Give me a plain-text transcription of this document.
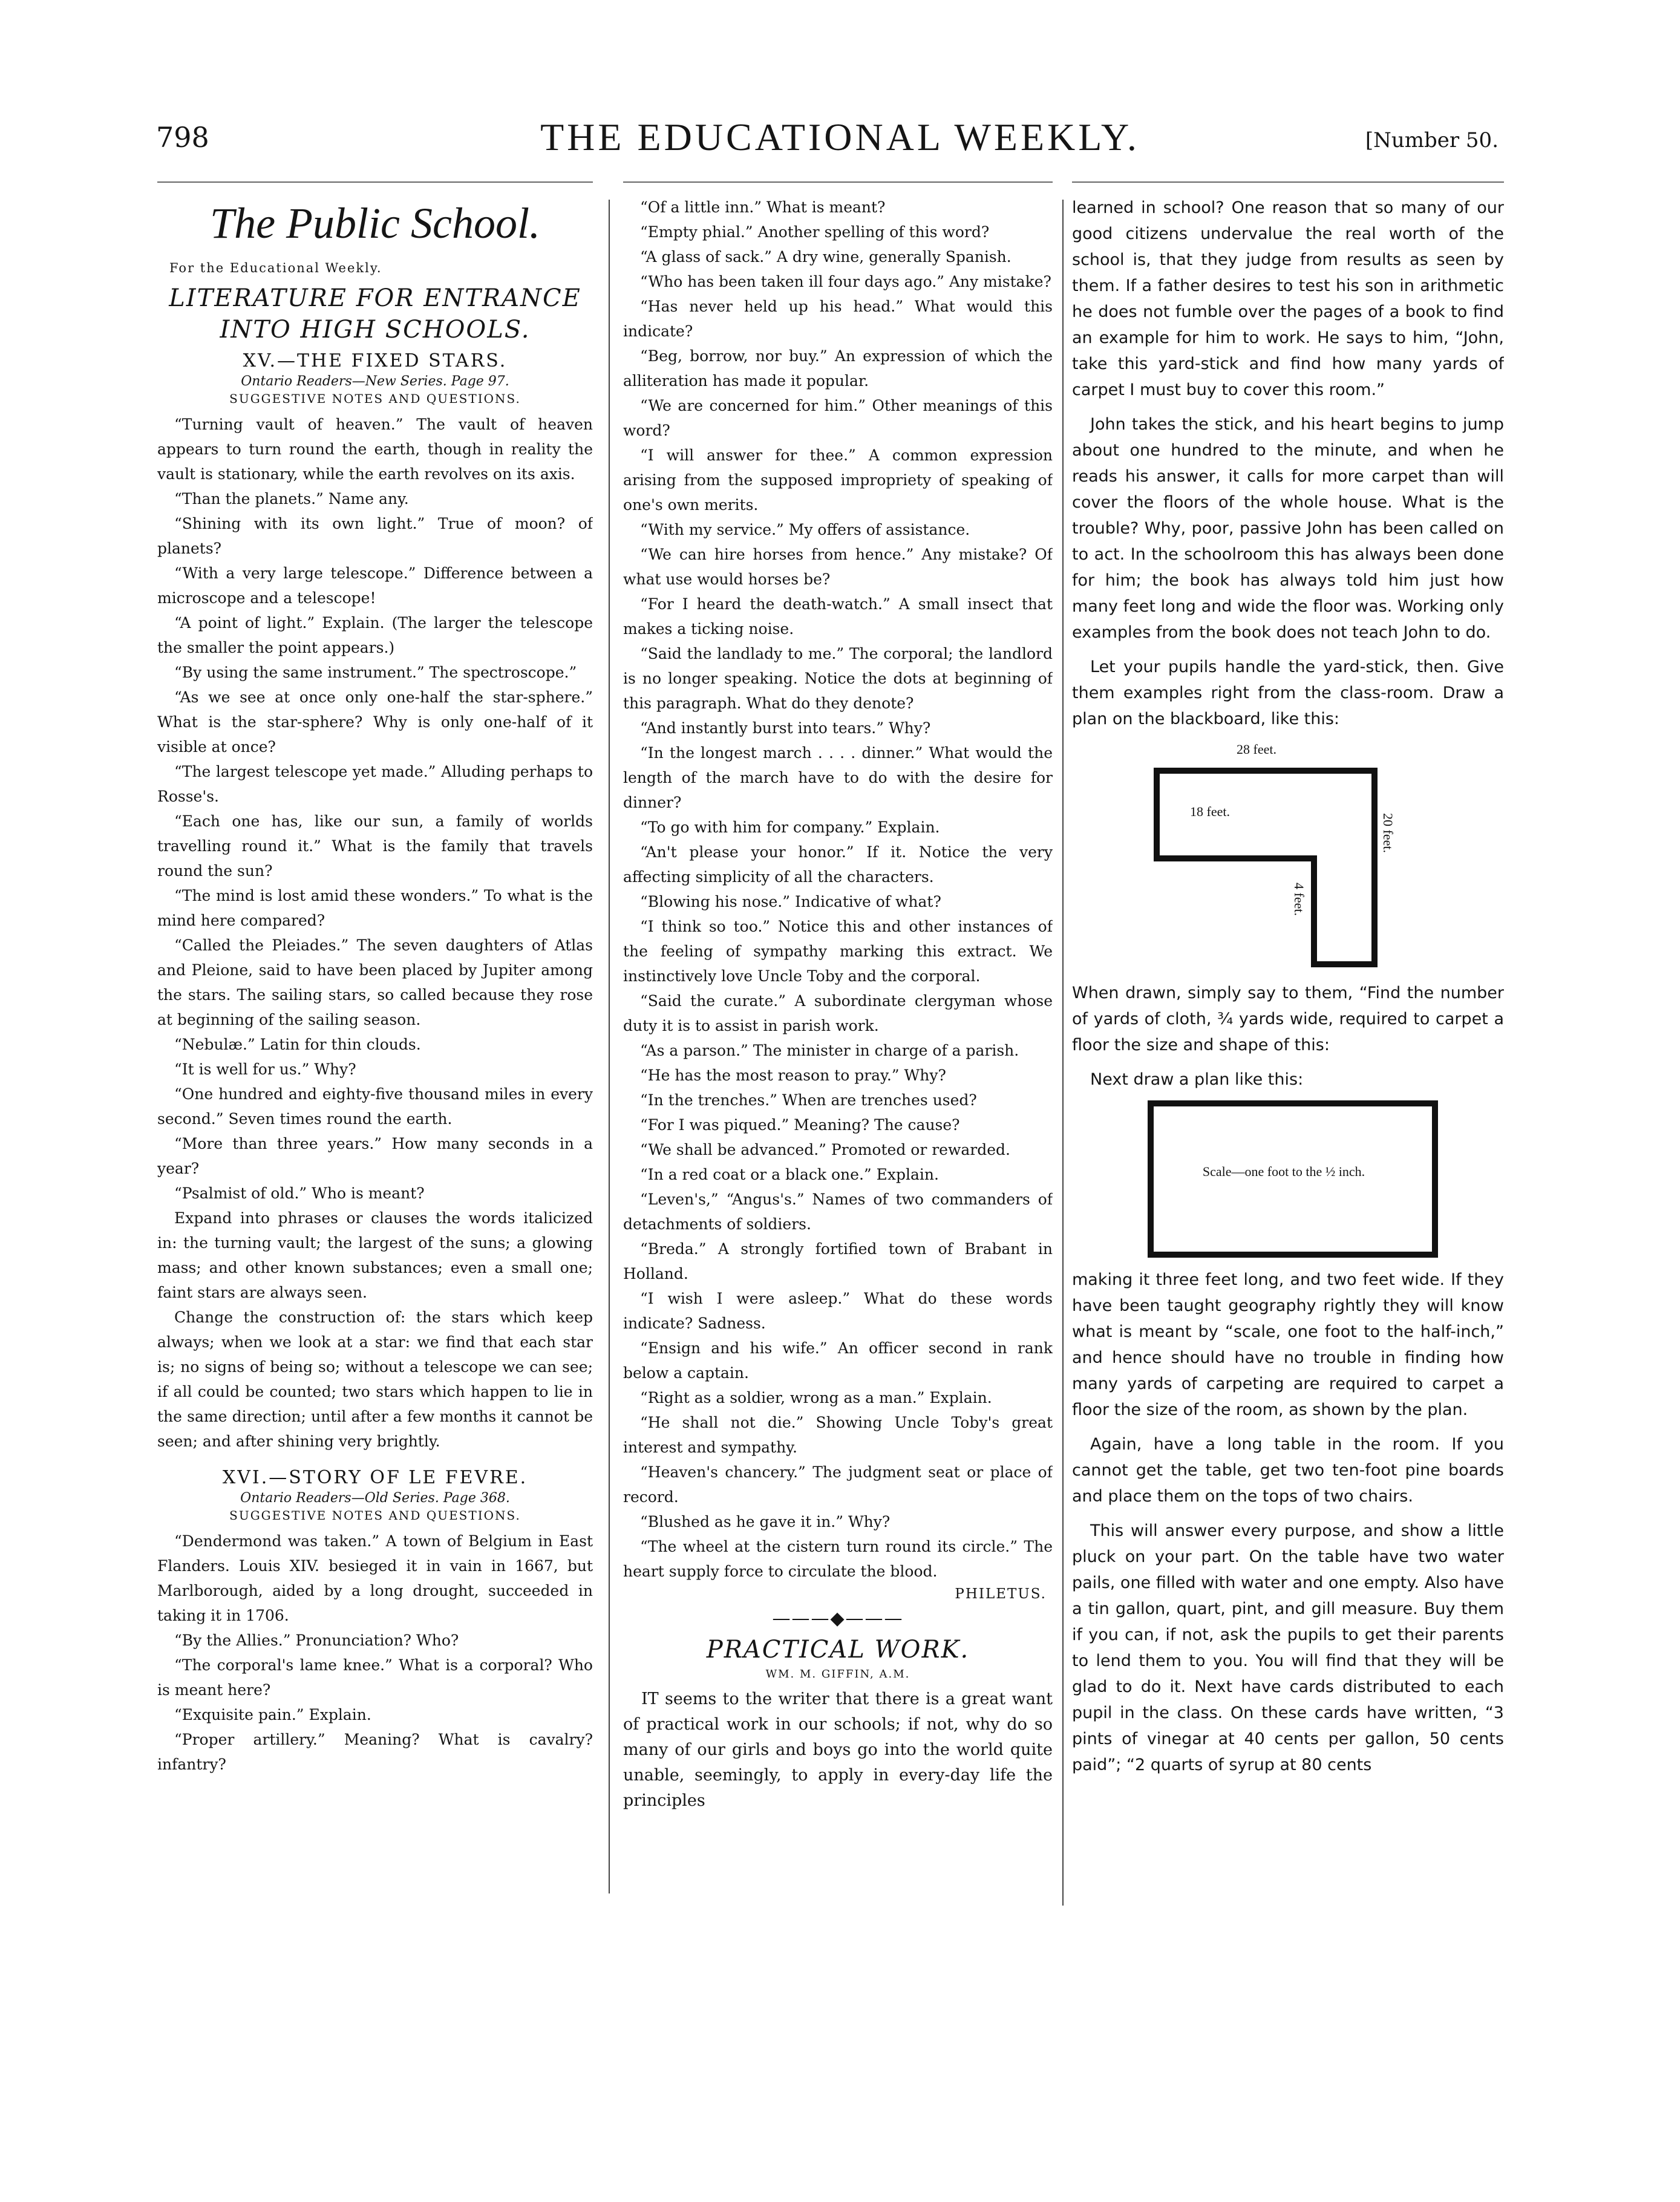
798	THE EDUCATIONAL WEEKLY.	[Number 50.
The Public School.
For the Educational Weekly.
LITERATURE FOR ENTRANCE
INTO HIGH SCHOOLS.
XV.—THE FIXED STARS.
Ontario Readers—New Series. Page 97.
SUGGESTIVE NOTES AND QUESTIONS.

“Turning vault of heaven.” The vault of heaven appears to turn round the earth, though in reality the vault is stationary, while the earth revolves on its axis.

“Than the planets.” Name any.

“Shining with its own light.” True of moon? of planets?

“With a very large telescope.” Difference between a microscope and a telescope!

“A point of light.” Explain. (The larger the telescope the smaller the point appears.)

“By using the same instrument.” The spectroscope.”

“As we see at once only one-half the star-sphere.” What is the star-sphere? Why is only one-half of it visible at once?

“The largest telescope yet made.” Alluding perhaps to Rosse's.

“Each one has, like our sun, a family of worlds travelling round it.” What is the family that travels round the sun?

“The mind is lost amid these wonders.” To what is the mind here compared?

“Called the Pleiades.” The seven daughters of Atlas and Pleione, said to have been placed by Jupiter among the stars. The sailing stars, so called because they rose at beginning of the sailing season.

“Nebulæ.” Latin for thin clouds.

“It is well for us.” Why?

“One hundred and eighty-five thousand miles in every second.” Seven times round the earth.

“More than three years.” How many seconds in a year?

“Psalmist of old.” Who is meant?

Expand into phrases or clauses the words italicized in: the turning vault; the largest of the suns; a glowing mass; and other known substances; even a small one; faint stars are always seen.

Change the construction of: the stars which keep always; when we look at a star: we find that each star is; no signs of being so; without a telescope we can see; if all could be counted; two stars which happen to lie in the same direction; until after a few months it cannot be seen; and after shining very brightly.

XVI.—STORY OF LE FEVRE.
Ontario Readers—Old Series. Page 368.
SUGGESTIVE NOTES AND QUESTIONS.

“Dendermond was taken.” A town of Belgium in East Flanders. Louis XIV. besieged it in vain in 1667, but Marlborough, aided by a long drought, succeeded in taking it in 1706.

“By the Allies.” Pronunciation? Who?

“The corporal's lame knee.” What is a corporal? Who is meant here?

“Exquisite pain.” Explain.

“Proper artillery.” Meaning? What is cavalry? infantry?

“Of a little inn.” What is meant?

“Empty phial.” Another spelling of this word?

“A glass of sack.” A dry wine, generally Spanish.

“Who has been taken ill four days ago.” Any mistake?

“Has never held up his head.” What would this indicate?

“Beg, borrow, nor buy.” An expression of which the alliteration has made it popular.

“We are concerned for him.” Other meanings of this word?

“I will answer for thee.” A common expression arising from the supposed impropriety of speaking of one's own merits.

“With my service.” My offers of assistance.

“We can hire horses from hence.” Any mistake? Of what use would horses be?

“For I heard the death-watch.” A small insect that makes a ticking noise.

“Said the landlady to me.” The corporal; the landlord is no longer speaking. Notice the dots at beginning of this paragraph. What do they denote?

“And instantly burst into tears.” Why?

“In the longest march . . . . dinner.” What would the length of the march have to do with the desire for dinner?

“To go with him for company.” Explain.

“An't please your honor.” If it. Notice the very affecting simplicity of all the characters.

“Blowing his nose.” Indicative of what?

“I think so too.” Notice this and other instances of the feeling of sympathy marking this extract. We instinctively love Uncle Toby and the corporal.

“Said the curate.” A subordinate clergyman whose duty it is to assist in parish work.

“As a parson.” The minister in charge of a parish.

“He has the most reason to pray.” Why?

“In the trenches.” When are trenches used?

“For I was piqued.” Meaning? The cause?

“We shall be advanced.” Promoted or rewarded.

“In a red coat or a black one.” Explain.

“Leven's,” “Angus's.” Names of two commanders of detachments of soldiers.

“Breda.” A strongly fortified town of Brabant in Holland.

“I wish I were asleep.” What do these words indicate? Sadness.

“Ensign and his wife.” An officer second in rank below a captain.

“Right as a soldier, wrong as a man.” Explain.

“He shall not die.” Showing Uncle Toby's great interest and sympathy.

“Heaven's chancery.” The judgment seat or place of record.

“Blushed as he gave it in.” Why?

“The wheel at the cistern turn round its circle.” The heart supply force to circulate the blood.

PHILETUS.
———◆———
PRACTICAL WORK.
WM. M. GIFFIN, A.M.

IT seems to the writer that there is a great want of practical work in our schools; if not, why do so many of our girls and boys go into the world quite unable, seemingly, to apply in every-day life the principles

learned in school? One reason that so many of our good citizens undervalue the real worth of the school is, that they judge from results as seen by them. If a father desires to test his son in arithmetic he does not fumble over the pages of a book to find an example for him to work. He says to him, “John, take this yard-stick and find how many yards of carpet I must buy to cover this room.”

John takes the stick, and his heart begins to jump about one hundred to the minute, and when he reads his answer, it calls for more carpet than will cover the floors of the whole house. What is the trouble? Why, poor, passive John has been called on to act. In the schoolroom this has always been done for him; the book has always told him just how many feet long and wide the floor was. Working only examples from the book does not teach John to do.

Let your pupils handle the yard-stick, then. Give them examples right from the class-room. Draw a plan on the blackboard, like this:

28 feet.
18 feet.
20 feet.
4 feet.

When drawn, simply say to them, “Find the number of yards of cloth, ¾ yards wide, required to carpet a floor the size and shape of this:

Next draw a plan like this:

Scale—one foot to the ½ inch.

making it three feet long, and two feet wide. If they have been taught geography rightly they will know what is meant by “scale, one foot to the half-inch,” and hence should have no trouble in finding how many yards of carpeting are required to carpet a floor the size of the room, as shown by the plan.

Again, have a long table in the room. If you cannot get the table, get two ten-foot pine boards and place them on the tops of two chairs.

This will answer every purpose, and show a little pluck on your part. On the table have two water pails, one filled with water and one empty. Also have a tin gallon, quart, pint, and gill measure. Buy them if you can, if not, ask the pupils to get their parents to lend them to you. You will find that they will be glad to do it. Next have cards distributed to each pupil in the class. On these cards have written, “3 pints of vinegar at 40 cents per gallon, 50 cents paid”; “2 quarts of syrup at 80 cents
